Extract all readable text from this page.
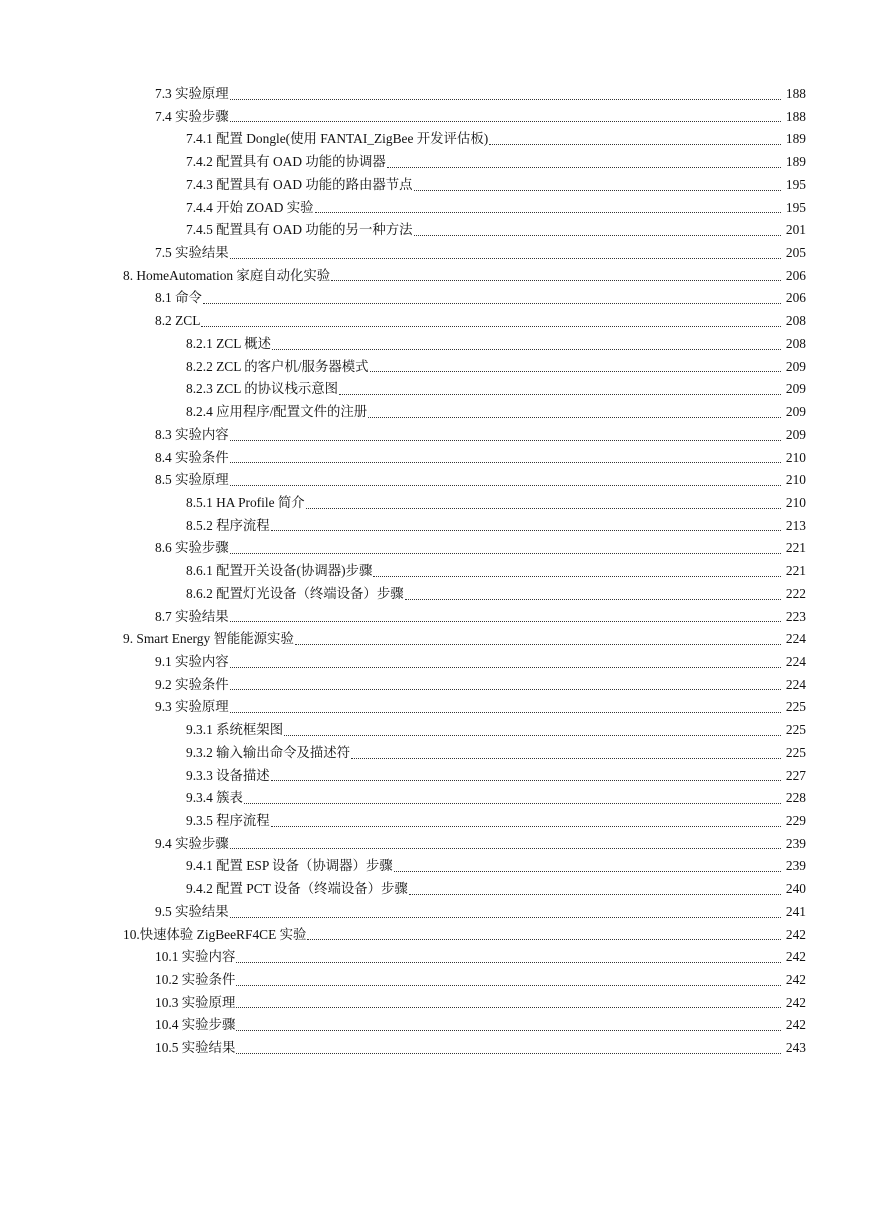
7.3 实验原理	188
7.4 实验步骤	188
7.4.1 配置 Dongle(使用 FANTAI_ZigBee 开发评估板)	189
7.4.2 配置具有 OAD 功能的协调器	189
7.4.3 配置具有 OAD 功能的路由器节点	195
7.4.4 开始 ZOAD 实验	195
7.4.5 配置具有 OAD 功能的另一种方法	201
7.5 实验结果	205
8. HomeAutomation 家庭自动化实验	206
8.1 命令	206
8.2 ZCL	208
8.2.1 ZCL 概述	208
8.2.2 ZCL 的客户机/服务器模式	209
8.2.3 ZCL 的协议栈示意图	209
8.2.4 应用程序/配置文件的注册	209
8.3 实验内容	209
8.4 实验条件	210
8.5 实验原理	210
8.5.1 HA Profile 简介	210
8.5.2 程序流程	213
8.6 实验步骤	221
8.6.1 配置开关设备(协调器)步骤	221
8.6.2 配置灯光设备（终端设备）步骤	222
8.7 实验结果	223
9. Smart Energy 智能能源实验	224
9.1 实验内容	224
9.2 实验条件	224
9.3 实验原理	225
9.3.1 系统框架图	225
9.3.2 输入输出命令及描述符	225
9.3.3 设备描述	227
9.3.4 簇表	228
9.3.5 程序流程	229
9.4 实验步骤	239
9.4.1 配置 ESP 设备（协调器）步骤	239
9.4.2 配置 PCT 设备（终端设备）步骤	240
9.5 实验结果	241
10.快速体验 ZigBeeRF4CE 实验	242
10.1 实验内容	242
10.2 实验条件	242
10.3 实验原理	242
10.4 实验步骤	242
10.5 实验结果	243
